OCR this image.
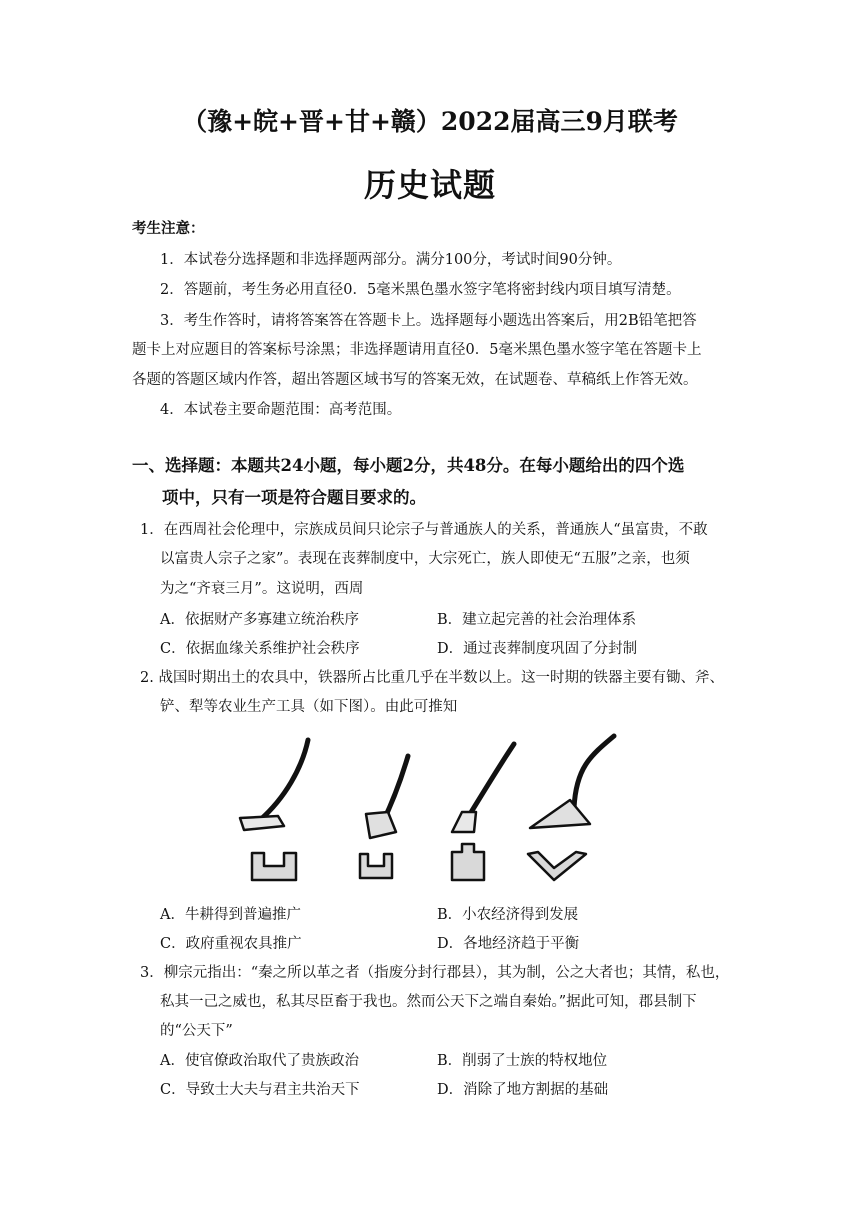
（豫+皖+晋+甘+赣）2022届高三9月联考
历史试题
考生注意：
1．本试卷分选择题和非选择题两部分。满分100分，考试时间90分钟。
2．答题前，考生务必用直径0．5毫米黑色墨水签字笔将密封线内项目填写清楚。
3．考生作答时，请将答案答在答题卡上。选择题每小题选出答案后，用2B铅笔把答
题卡上对应题目的答案标号涂黑；非选择题请用直径0．5毫米黑色墨水签字笔在答题卡上
各题的答题区域内作答，超出答题区域书写的答案无效，在试题卷、草稿纸上作答无效。
4．本试卷主要命题范围：高考范围。
一、选择题：本题共24小题，每小题2分，共48分。在每小题给出的四个选
项中，只有一项是符合题目要求的。
1．在西周社会伦理中，宗族成员间只论宗子与普通族人的关系，普通族人“虽富贵，不敢
以富贵人宗子之家”。表现在丧葬制度中，大宗死亡，族人即使无“五服”之亲，也须
为之“齐衰三月”。这说明，西周
A．依据财产多寡建立统治秩序	B．建立起完善的社会治理体系
C．依据血缘关系维护社会秩序	D．通过丧葬制度巩固了分封制
2. 战国时期出土的农具中，铁器所占比重几乎在半数以上。这一时期的铁器主要有锄、斧、
铲、犁等农业生产工具（如下图）。由此可推知
A．牛耕得到普遍推广	B．小农经济得到发展
C．政府重视农具推广	D．各地经济趋于平衡
3．柳宗元指出：“秦之所以革之者（指废分封行郡县），其为制，公之大者也；其情，私也，
私其一己之威也，私其尽臣畜于我也。然而公天下之端自秦始。”据此可知，郡县制下
的“公天下”
A．使官僚政治取代了贵族政治	B．削弱了士族的特权地位
C．导致士大夫与君主共治天下	D．消除了地方割据的基础
